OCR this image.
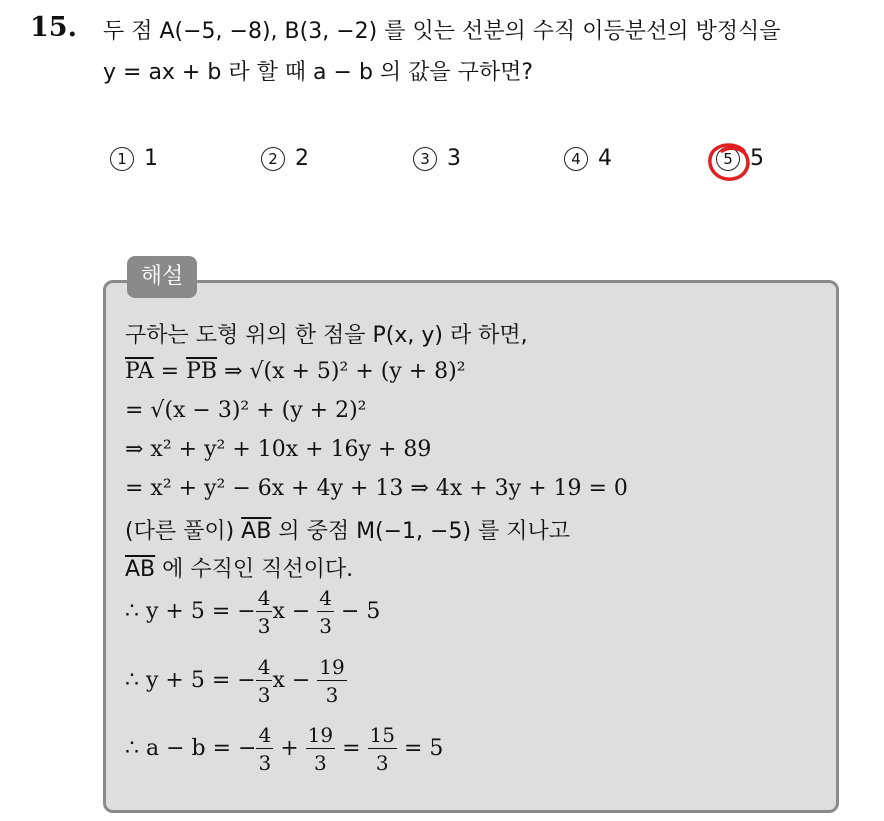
15. 두 점 A(−5, −8), B(3, −2) 를 잇는 선분의 수직 이등분선의 방정식을
y = ax + b 라 할 때 a − b 의 값을 구하면?
1 1	2 2	3 3	4 4	5 5
해설
구하는 도형 위의 한 점을 P(x, y) 라 하면,
$\overline{PA} = \overline{PB}$ ⇒ √(x + 5)² + (y + 8)²
= √(x − 3)² + (y + 2)²
⇒ x² + y² + 10x + 16y + 89
= x² + y² − 6x + 4y + 13 ⇒ 4x + 3y + 19 = 0
(다른 풀이) $\overline{AB}$ 의 중점 M(−1, −5) 를 지나고
$\overline{AB}$ 에 수직인 직선이다.
∴ y + 5 = − $\frac{4}{3}$ $x - \frac{4}{3} - 5$
∴ y + 5 = − $\frac{4}{3}$ $x - \frac{19}{3}$
∴ a − b = − $\frac{4}{3} + \frac{19}{3} = \frac{15}{3} = 5$
